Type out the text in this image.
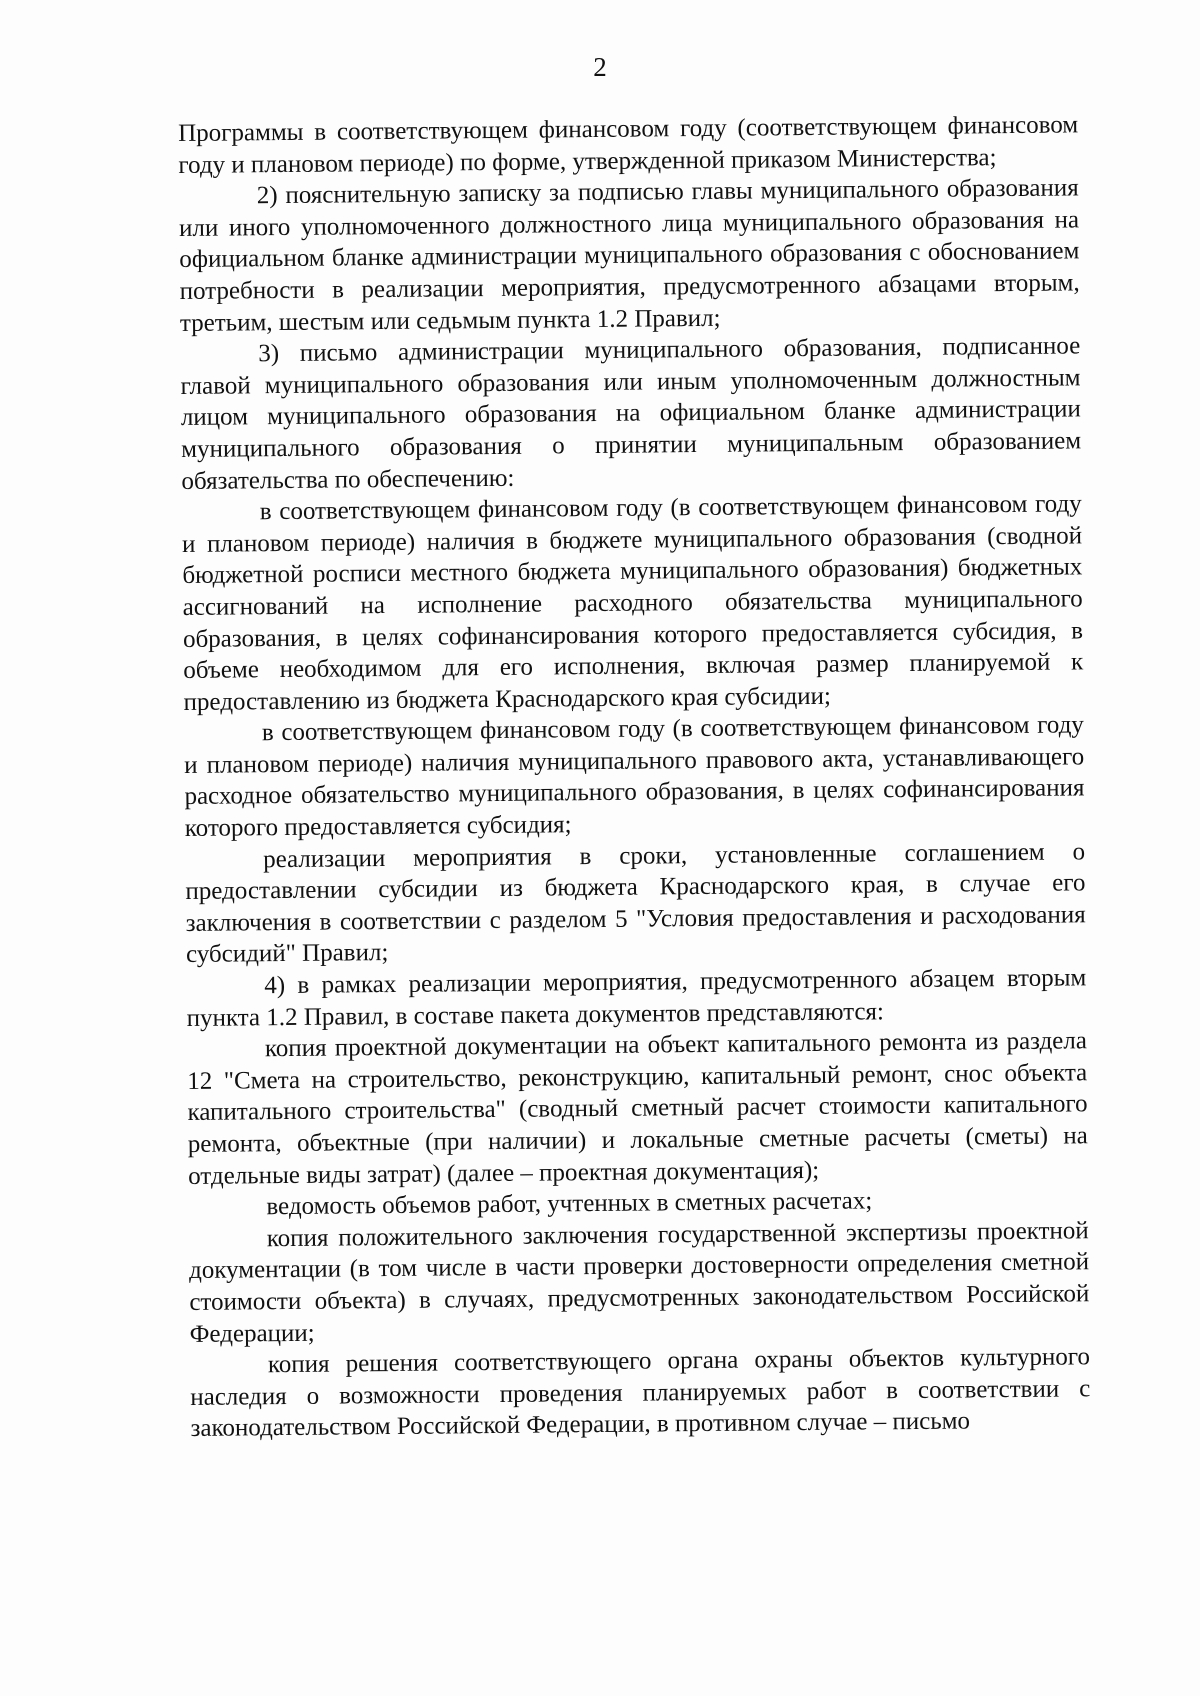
2

Программы в соответствующем финансовом году (соответствующем финансовом году и плановом периоде) по форме, утвержденной приказом Министерства;

2) пояснительную записку за подписью главы муниципального образования или иного уполномоченного должностного лица муниципального образования на официальном бланке администрации муниципального образования с обоснованием потребности в реализации мероприятия, предусмотренного абзацами вторым, третьим, шестым или седьмым пункта 1.2 Правил;

3) письмо администрации муниципального образования, подписанное главой муниципального образования или иным уполномоченным должностным лицом муниципального образования на официальном бланке администрации муниципального образования о принятии муниципальным образованием обязательства по обеспечению:

в соответствующем финансовом году (в соответствующем финансовом году и плановом периоде) наличия в бюджете муниципального образования (сводной бюджетной росписи местного бюджета муниципального образования) бюджетных ассигнований на исполнение расходного обязательства муниципального образования, в целях софинансирования которого предоставляется субсидия, в объеме необходимом для его исполнения, включая размер планируемой к предоставлению из бюджета Краснодарского края субсидии;

в соответствующем финансовом году (в соответствующем финансовом году и плановом периоде) наличия муниципального правового акта, устанавливающего расходное обязательство муниципального образования, в целях софинансирования которого предоставляется субсидия;

реализации мероприятия в сроки, установленные соглашением о предоставлении субсидии из бюджета Краснодарского края, в случае его заключения в соответствии с разделом 5 "Условия предоставления и расходования субсидий" Правил;

4) в рамках реализации мероприятия, предусмотренного абзацем вторым пункта 1.2 Правил, в составе пакета документов представляются:

копия проектной документации на объект капитального ремонта из раздела 12 "Смета на строительство, реконструкцию, капитальный ремонт, снос объекта капитального строительства" (сводный сметный расчет стоимости капитального ремонта, объектные (при наличии) и локальные сметные расчеты (сметы) на отдельные виды затрат) (далее – проектная документация);

ведомость объемов работ, учтенных в сметных расчетах;

копия положительного заключения государственной экспертизы проектной документации (в том числе в части проверки достоверности определения сметной стоимости объекта) в случаях, предусмотренных законодательством Российской Федерации;

копия решения соответствующего органа охраны объектов культурного наследия о возможности проведения планируемых работ в соответствии с законодательством Российской Федерации, в противном случае – письмо
